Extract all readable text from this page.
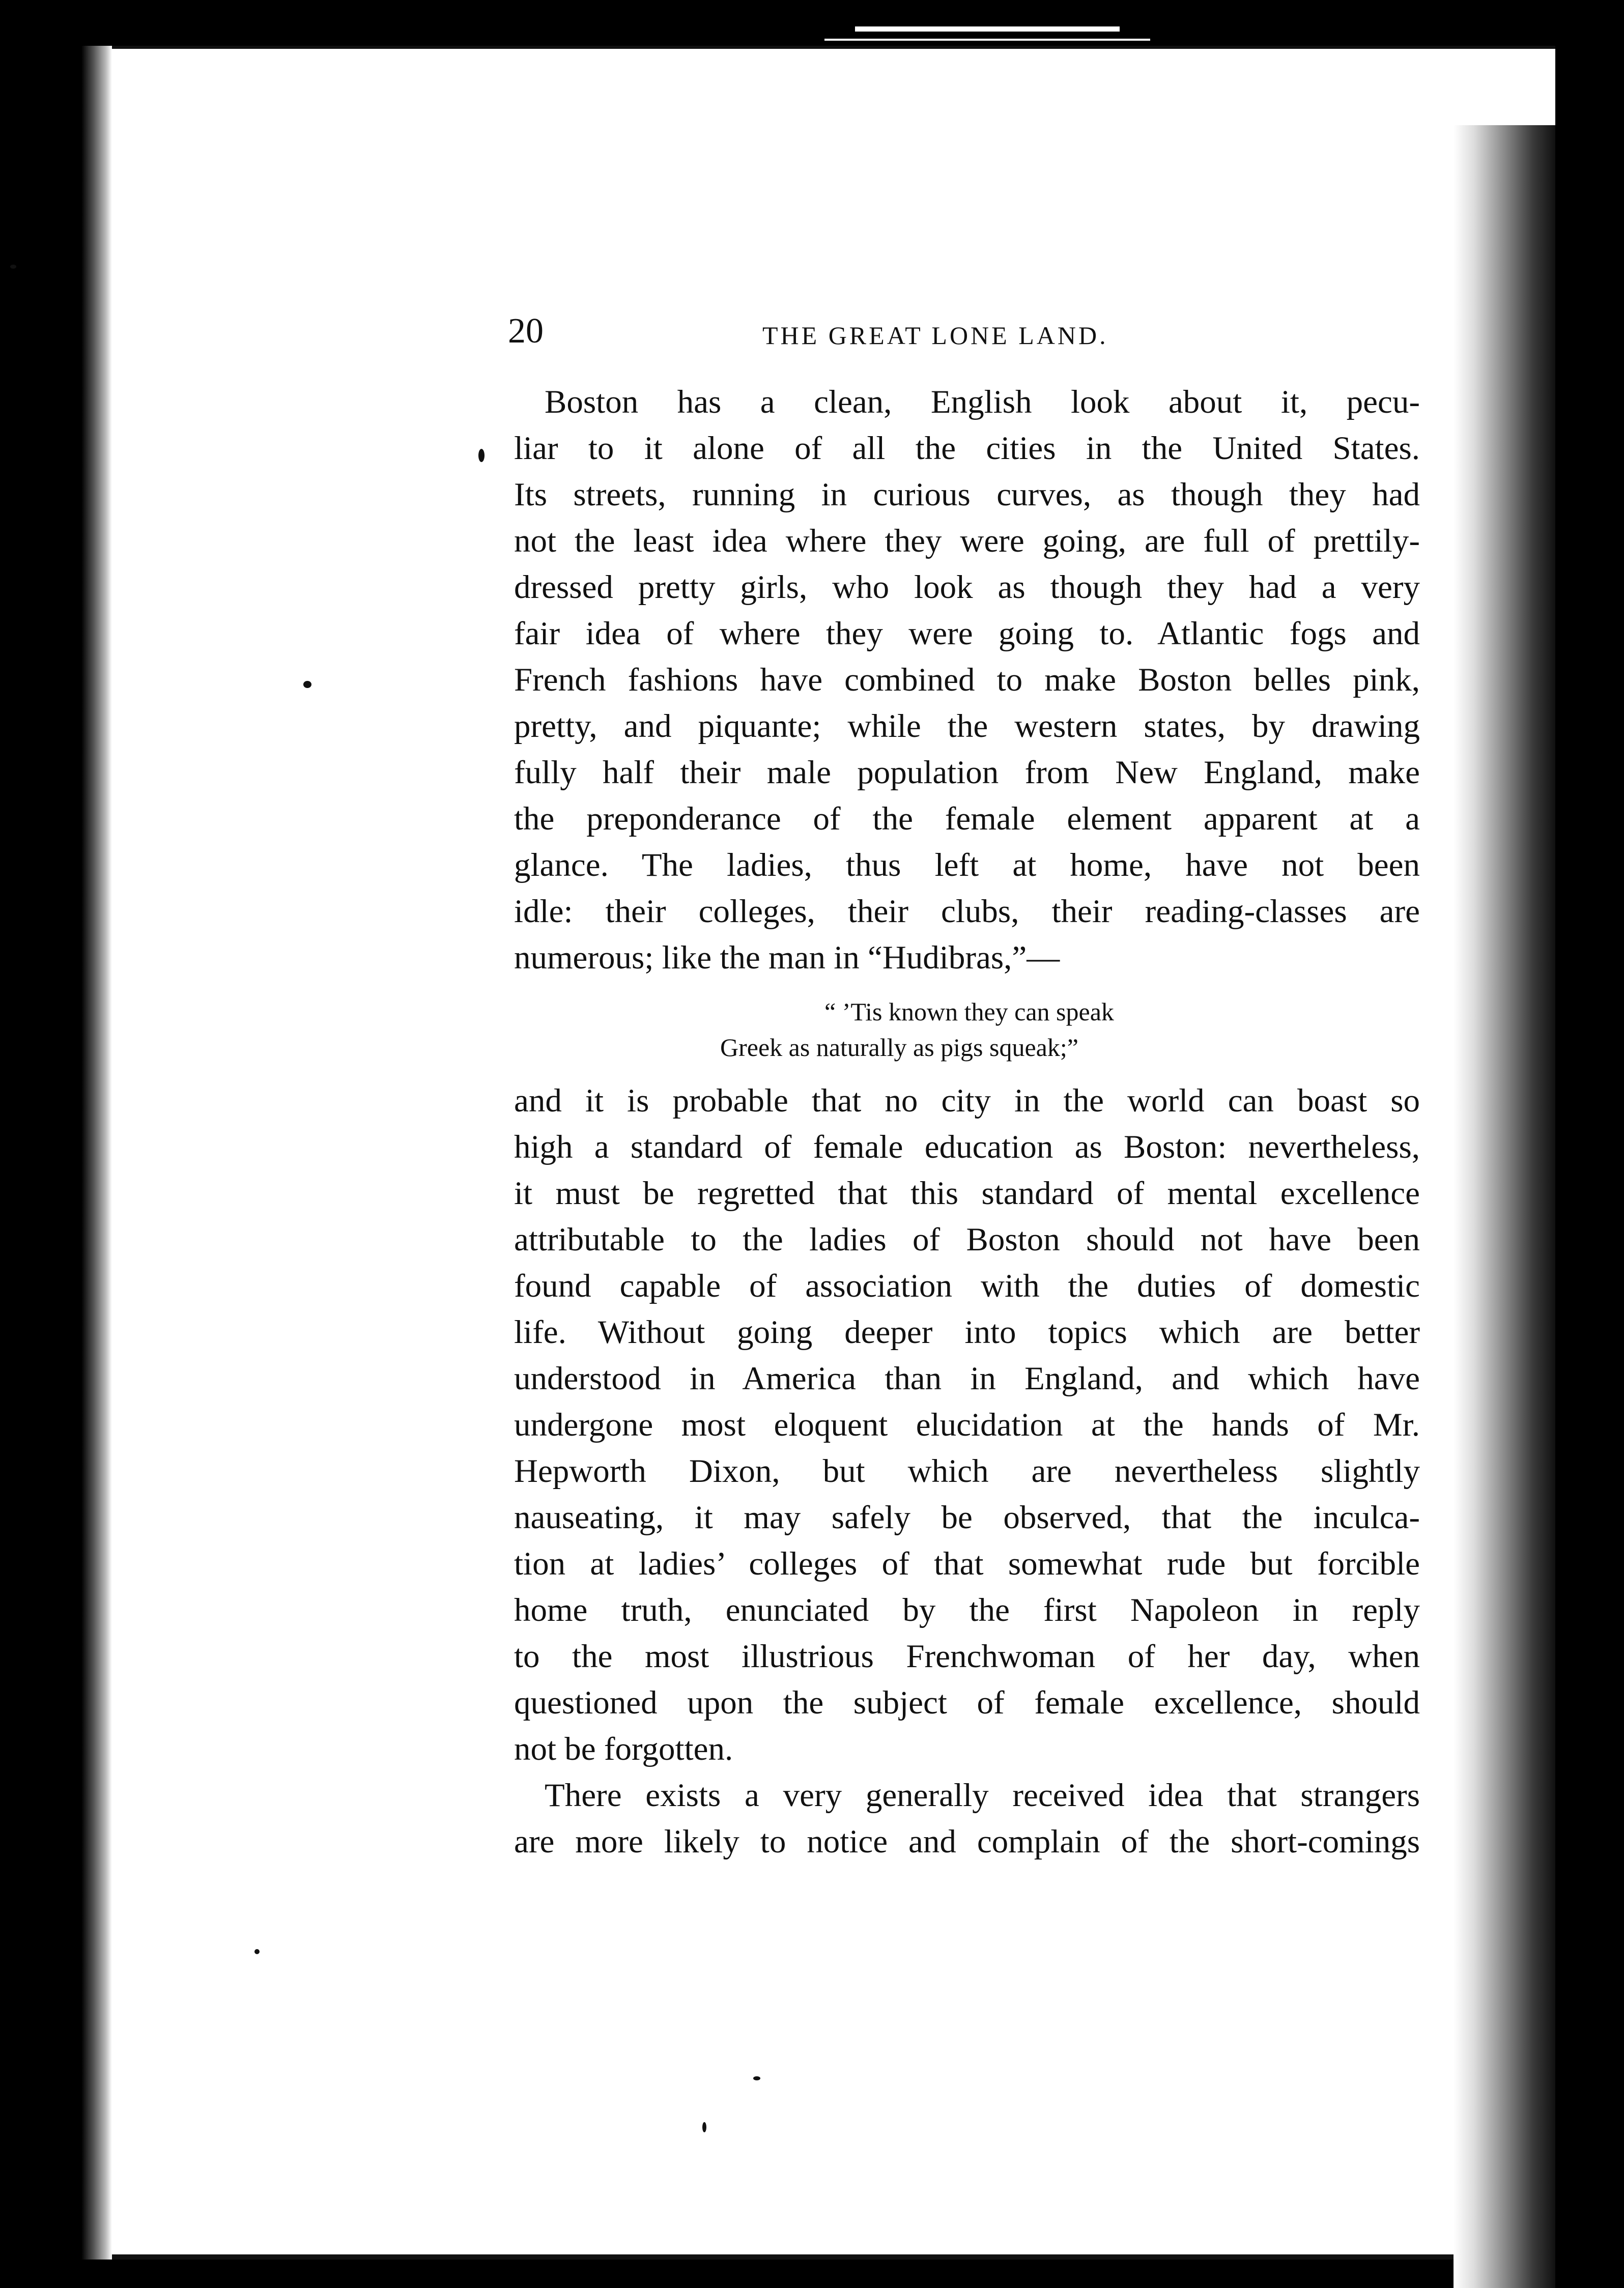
20	THE GREAT LONE LAND.
Boston has a clean, English look about it, pecu-
liar to it alone of all the cities in the United States.
Its streets, running in curious curves, as though they had
not the least idea where they were going, are full of prettily-
dressed pretty girls, who look as though they had a very
fair idea of where they were going to. Atlantic fogs and
French fashions have combined to make Boston belles pink,
pretty, and piquante; while the western states, by drawing
fully half their male population from New England, make
the preponderance of the female element apparent at a
glance. The ladies, thus left at home, have not been
idle: their colleges, their clubs, their reading-classes are
numerous; like the man in “Hudibras,”—
“ ’Tis known they can speak
Greek as naturally as pigs squeak;”
and it is probable that no city in the world can boast so
high a standard of female education as Boston: nevertheless,
it must be regretted that this standard of mental excellence
attributable to the ladies of Boston should not have been
found capable of association with the duties of domestic
life. Without going deeper into topics which are better
understood in America than in England, and which have
undergone most eloquent elucidation at the hands of Mr.
Hepworth Dixon, but which are nevertheless slightly
nauseating, it may safely be observed, that the inculca-
tion at ladies’ colleges of that somewhat rude but forcible
home truth, enunciated by the first Napoleon in reply
to the most illustrious Frenchwoman of her day, when
questioned upon the subject of female excellence, should
not be forgotten.
There exists a very generally received idea that strangers
are more likely to notice and complain of the short-comings
